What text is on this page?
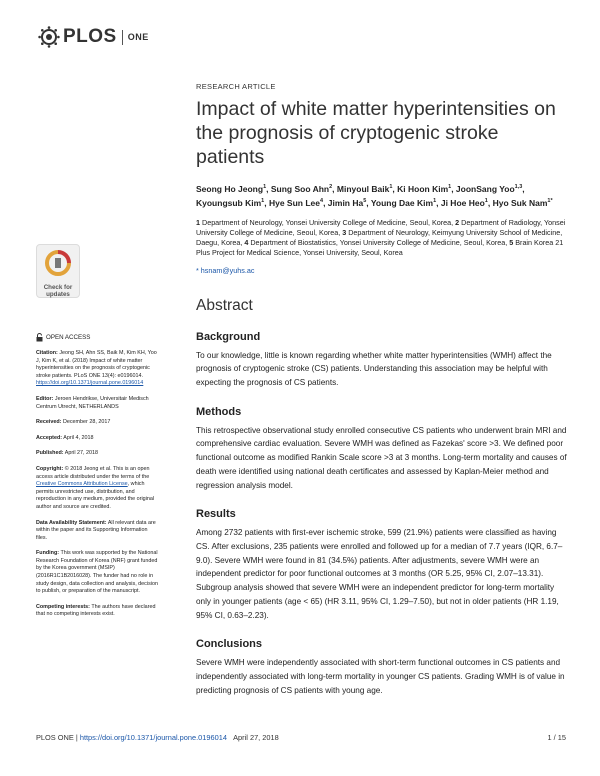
PLOS ONE
RESEARCH ARTICLE
Impact of white matter hyperintensities on the prognosis of cryptogenic stroke patients
Seong Ho Jeong$^1$, Sung Soo Ahn$^2$, Minyoul Baik$^1$, Ki Hoon Kim$^1$, JoonSang Yoo$^{1,3}$, Kyoungsub Kim$^1$, Hye Sun Lee$^4$, Jimin Ha$^5$, Young Dae Kim$^1$, Ji Hoe Heo$^1$, Hyo Suk Nam$^{1*}$
1 Department of Neurology, Yonsei University College of Medicine, Seoul, Korea, 2 Department of Radiology, Yonsei University College of Medicine, Seoul, Korea, 3 Department of Neurology, Keimyung University School of Medicine, Daegu, Korea, 4 Department of Biostatistics, Yonsei University College of Medicine, Seoul, Korea, 5 Brain Korea 21 Plus Project for Medical Science, Yonsei University, Seoul, Korea
* hsnam@yuhs.ac
Abstract
Background
To our knowledge, little is known regarding whether white matter hyperintensities (WMH) affect the prognosis of cryptogenic stroke (CS) patients. Understanding this association may be helpful with expecting the prognosis of CS patients.
Methods
This retrospective observational study enrolled consecutive CS patients who underwent brain MRI and comprehensive cardiac evaluation. Severe WMH was defined as Fazekas' score >3. We defined poor functional outcome as modified Rankin Scale score >3 at 3 months. Long-term mortality and causes of death were identified using national death certificates and assessed by Kaplan-Meier method and regression analysis model.
Results
Among 2732 patients with first-ever ischemic stroke, 599 (21.9%) patients were classified as having CS. After exclusions, 235 patients were enrolled and followed up for a median of 7.7 years (IQR, 6.7–9.0). Severe WMH were found in 81 (34.5%) patients. After adjustments, severe WMH were an independent predictor for poor functional outcomes at 3 months (OR 5.25, 95% CI, 2.07–13.31). Subgroup analysis showed that severe WMH were an independent predictor for long-term mortality only in younger patients (age < 65) (HR 3.11, 95% CI, 1.29–7.50), but not in older patients (HR 1.19, 95% CI, 0.63–2.23).
Conclusions
Severe WMH were independently associated with short-term functional outcomes in CS patients and independently associated with long-term mortality in younger CS patients. Grading WMH is of value in predicting prognosis of CS patients with young age.
Check for updates
OPEN ACCESS

Citation: Jeong SH, Ahn SS, Baik M, Kim KH, Yoo J, Kim K, et al. (2018) Impact of white matter hyperintensities on the prognosis of cryptogenic stroke patients. PLoS ONE 13(4): e0196014. https://doi.org/10.1371/journal.pone.0196014

Editor: Jeroen Hendrikse, Universitair Medisch Centrum Utrecht, NETHERLANDS

Received: December 28, 2017

Accepted: April 4, 2018

Published: April 27, 2018

Copyright: © 2018 Jeong et al. This is an open access article distributed under the terms of the Creative Commons Attribution License, which permits unrestricted use, distribution, and reproduction in any medium, provided the original author and source are credited.

Data Availability Statement: All relevant data are within the paper and its Supporting Information files.

Funding: This work was supported by the National Research Foundation of Korea (NRF) grant funded by the Korea government (MSIP) (2016R1C1B2016028). The funder had no role in study design, data collection and analysis, decision to publish, or preparation of the manuscript.

Competing interests: The authors have declared that no competing interests exist.

PLOS ONE | https://doi.org/10.1371/journal.pone.0196014 April 27, 2018	1 / 15
